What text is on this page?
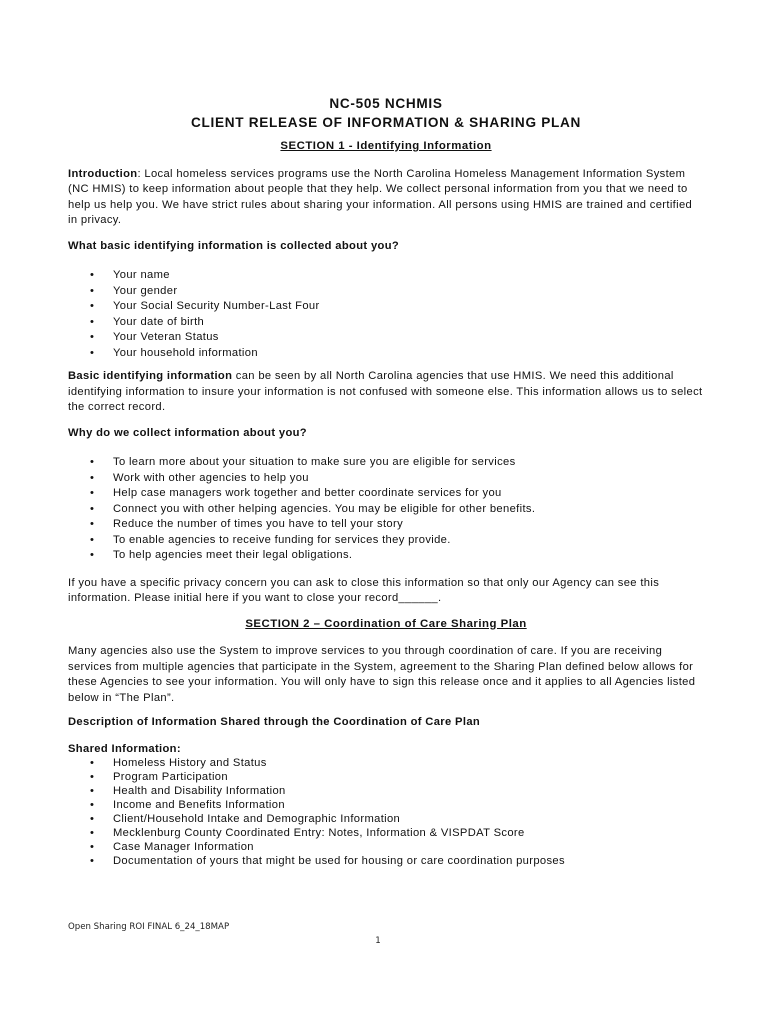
NC-505 NCHMIS

CLIENT RELEASE OF INFORMATION & SHARING PLAN

SECTION 1 - Identifying Information

Introduction: Local homeless services programs use the North Carolina Homeless Management Information System (NC HMIS) to keep information about people that they help. We collect personal information from you that we need to help us help you. We have strict rules about sharing your information. All persons using HMIS are trained and certified in privacy.

What basic identifying information is collected about you?

• Your name
• Your gender
• Your Social Security Number-Last Four
• Your date of birth
• Your Veteran Status
• Your household information

Basic identifying information can be seen by all North Carolina agencies that use HMIS. We need this additional identifying information to insure your information is not confused with someone else. This information allows us to select the correct record.

Why do we collect information about you?

• To learn more about your situation to make sure you are eligible for services
• Work with other agencies to help you
• Help case managers work together and better coordinate services for you
• Connect you with other helping agencies. You may be eligible for other benefits.
• Reduce the number of times you have to tell your story
• To enable agencies to receive funding for services they provide.
• To help agencies meet their legal obligations.

If you have a specific privacy concern you can ask to close this information so that only our Agency can see this information. Please initial here if you want to close your record______.

SECTION 2 – Coordination of Care Sharing Plan

Many agencies also use the System to improve services to you through coordination of care. If you are receiving services from multiple agencies that participate in the System, agreement to the Sharing Plan defined below allows for these Agencies to see your information. You will only have to sign this release once and it applies to all Agencies listed below in “The Plan”.

Description of Information Shared through the Coordination of Care Plan

Shared Information:

• Homeless History and Status
• Program Participation
• Health and Disability Information
• Income and Benefits Information
• Client/Household Intake and Demographic Information
• Mecklenburg County Coordinated Entry: Notes, Information & VISPDAT Score
• Case Manager Information
• Documentation of yours that might be used for housing or care coordination purposes
Open Sharing ROI FINAL 6_24_18MAP
1
